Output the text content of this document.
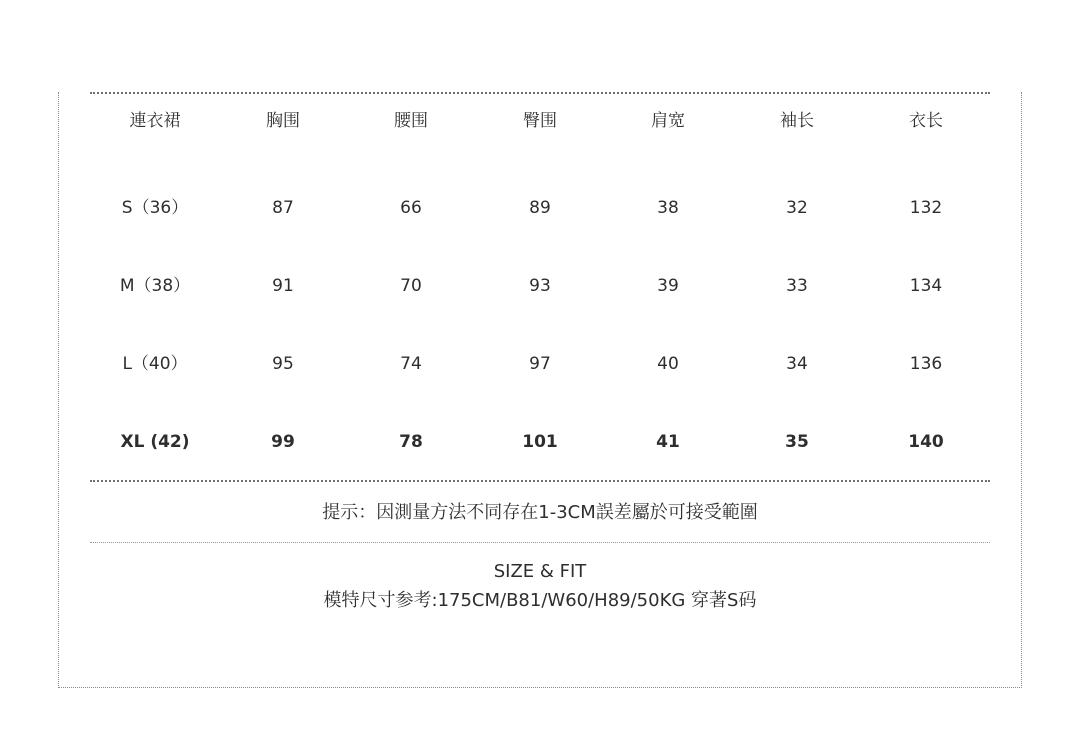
連衣裙	胸围	腰围	臀围	肩宽	袖长	衣长
S（36）	87	66	89	38	32	132
M（38）	91	70	93	39	33	134
L（40）	95	74	97	40	34	136
XL (42)	99	78	101	41	35	140
提示：因測量方法不同存在1-3CM誤差屬於可接受範圍
SIZE & FIT
模特尺寸参考:175CM/B81/W60/H89/50KG 穿著S码
